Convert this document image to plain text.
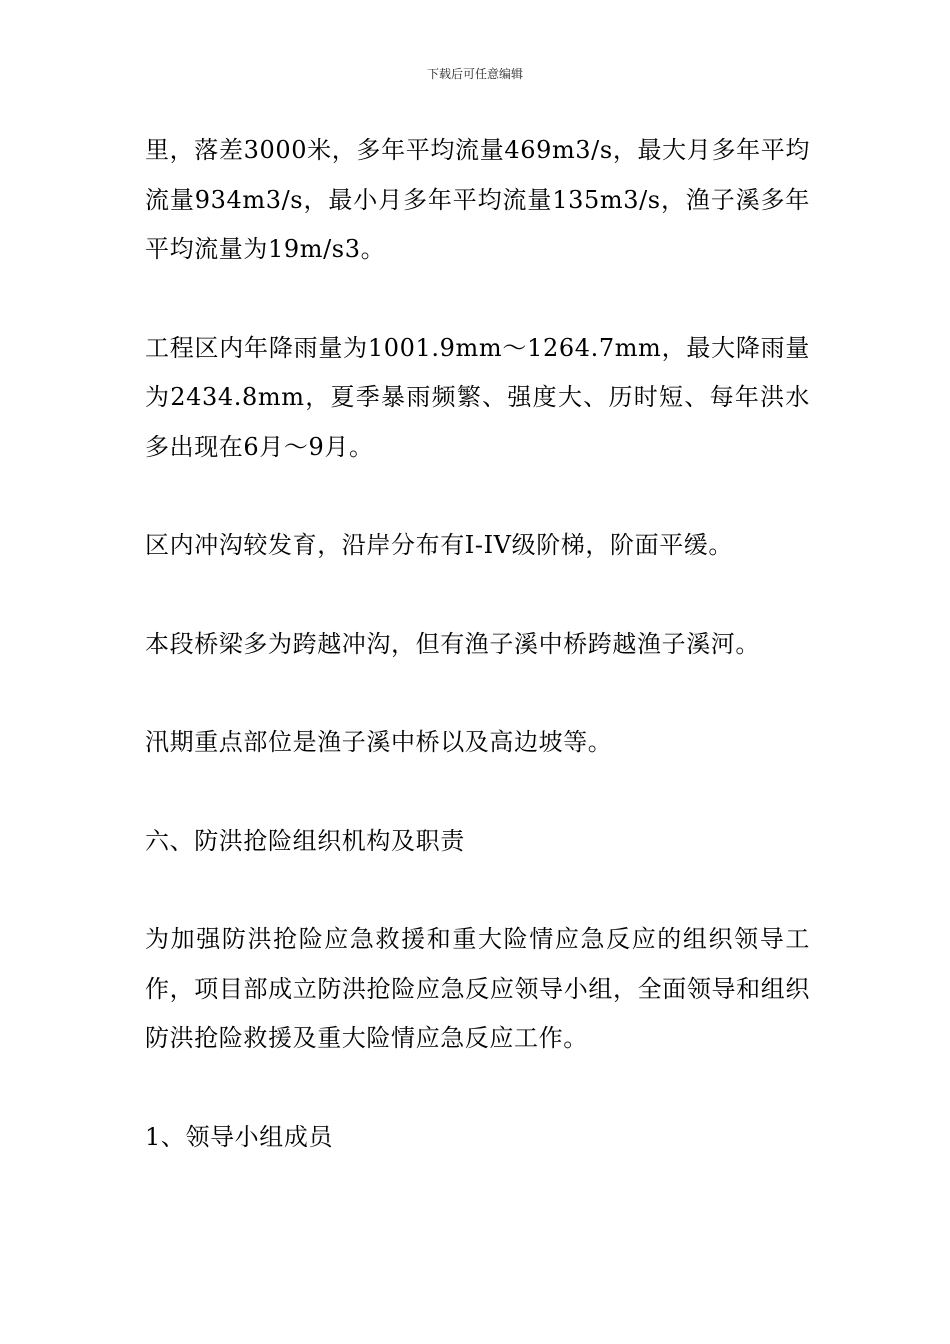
下载后可任意编辑

里，落差3000米，多年平均流量469m3/s，最大月多年平均流量934m3/s，最小月多年平均流量135m3/s，渔子溪多年平均流量为19m/s3。

工程区内年降雨量为1001.9mm～1264.7mm，最大降雨量为2434.8mm，夏季暴雨频繁、强度大、历时短、每年洪水多出现在6月～9月。

区内冲沟较发育，沿岸分布有I-IV级阶梯，阶面平缓。

本段桥梁多为跨越冲沟，但有渔子溪中桥跨越渔子溪河。

汛期重点部位是渔子溪中桥以及高边坡等。

六、防洪抢险组织机构及职责

为加强防洪抢险应急救援和重大险情应急反应的组织领导工作，项目部成立防洪抢险应急反应领导小组，全面领导和组织防洪抢险救援及重大险情应急反应工作。

1、领导小组成员
